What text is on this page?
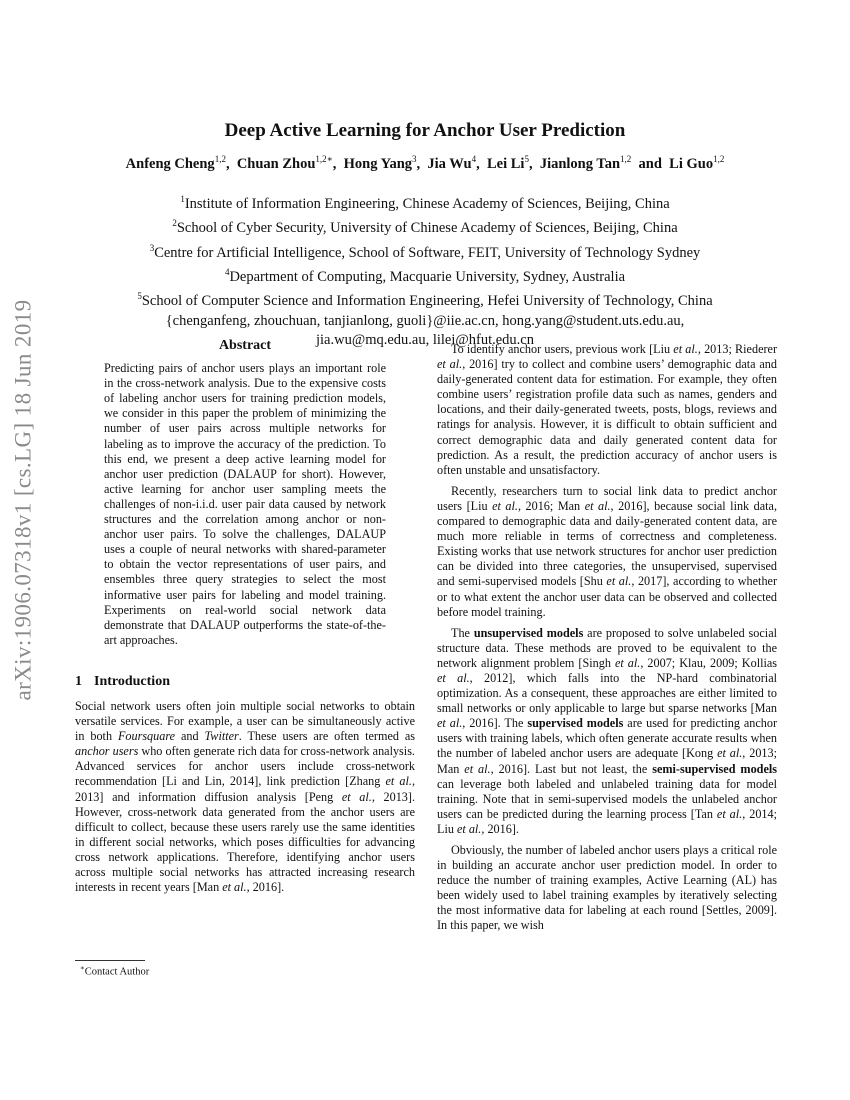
arXiv:1906.07318v1 [cs.LG] 18 Jun 2019
Deep Active Learning for Anchor User Prediction
Anfeng Cheng$^{1,2}$,  Chuan Zhou$^{1,2∗}$,  Hong Yang$^3$,  Jia Wu$^4$,  Lei Li$^5$,  Jianlong Tan$^{1,2}$  and  Li Guo$^{1,2}$
$^1$Institute of Information Engineering, Chinese Academy of Sciences, Beijing, China
$^2$School of Cyber Security, University of Chinese Academy of Sciences, Beijing, China
$^3$Centre for Artificial Intelligence, School of Software, FEIT, University of Technology Sydney
$^4$Department of Computing, Macquarie University, Sydney, Australia
$^5$School of Computer Science and Information Engineering, Hefei University of Technology, China
{chenganfeng, zhouchuan, tanjianlong, guoli}@iie.ac.cn, hong.yang@student.uts.edu.au,
jia.wu@mq.edu.au, lilei@hfut.edu.cn
Abstract

Predicting pairs of anchor users plays an important role in the cross-network analysis. Due to the expensive costs of labeling anchor users for training prediction models, we consider in this paper the problem of minimizing the number of user pairs across multiple networks for labeling as to improve the accuracy of the prediction. To this end, we present a deep active learning model for anchor user prediction (DALAUP for short). However, active learning for anchor user sampling meets the challenges of non-i.i.d. user pair data caused by network structures and the correlation among anchor or non-anchor user pairs. To solve the challenges, DALAUP uses a couple of neural networks with shared-parameter to obtain the vector representations of user pairs, and ensembles three query strategies to select the most informative user pairs for labeling and model training. Experiments on real-world social network data demonstrate that DALAUP outperforms the state-of-the-art approaches.

1 Introduction

Social network users often join multiple social networks to obtain versatile services. For example, a user can be simultaneously active in both Foursquare and Twitter. These users are often termed as anchor users who often generate rich data for cross-network analysis. Advanced services for anchor users include cross-network recommendation [Li and Lin, 2014], link prediction [Zhang et al., 2013] and information diffusion analysis [Peng et al., 2013]. However, cross-network data generated from the anchor users are difficult to collect, because these users rarely use the same identities in different social networks, which poses difficulties for advancing cross network applications. Therefore, identifying anchor users across multiple social networks has attracted increasing research interests in recent years [Man et al., 2016].

∗Contact Author

To identify anchor users, previous work [Liu et al., 2013; Riederer et al., 2016] try to collect and combine users’ demographic data and daily-generated content data for estimation. For example, they often combine users’ registration profile data such as names, genders and locations, and their daily-generated tweets, posts, blogs, reviews and ratings for analysis. However, it is difficult to obtain sufficient and correct demographic data and daily generated content data for prediction. As a result, the prediction accuracy of anchor users is often unstable and unsatisfactory.

Recently, researchers turn to social link data to predict anchor users [Liu et al., 2016; Man et al., 2016], because social link data, compared to demographic data and daily-generated content data, are much more reliable in terms of correctness and completeness. Existing works that use network structures for anchor user prediction can be divided into three categories, the unsupervised, supervised and semi-supervised models [Shu et al., 2017], according to whether or to what extent the anchor user data can be observed and collected before model training.

The unsupervised models are proposed to solve unlabeled social structure data. These methods are proved to be equivalent to the network alignment problem [Singh et al., 2007; Klau, 2009; Kollias et al., 2012], which falls into the NP-hard combinatorial optimization. As a consequent, these approaches are either limited to small networks or only applicable to large but sparse networks [Man et al., 2016]. The supervised models are used for predicting anchor users with training labels, which often generate accurate results when the number of labeled anchor users are adequate [Kong et al., 2013; Man et al., 2016]. Last but not least, the semi-supervised models can leverage both labeled and unlabeled training data for model training. Note that in semi-supervised models the unlabeled anchor users can be predicted during the learning process [Tan et al., 2014; Liu et al., 2016].

Obviously, the number of labeled anchor users plays a critical role in building an accurate anchor user prediction model. In order to reduce the number of training examples, Active Learning (AL) has been widely used to label training examples by iteratively selecting the most informative data for labeling at each round [Settles, 2009]. In this paper, we wish
